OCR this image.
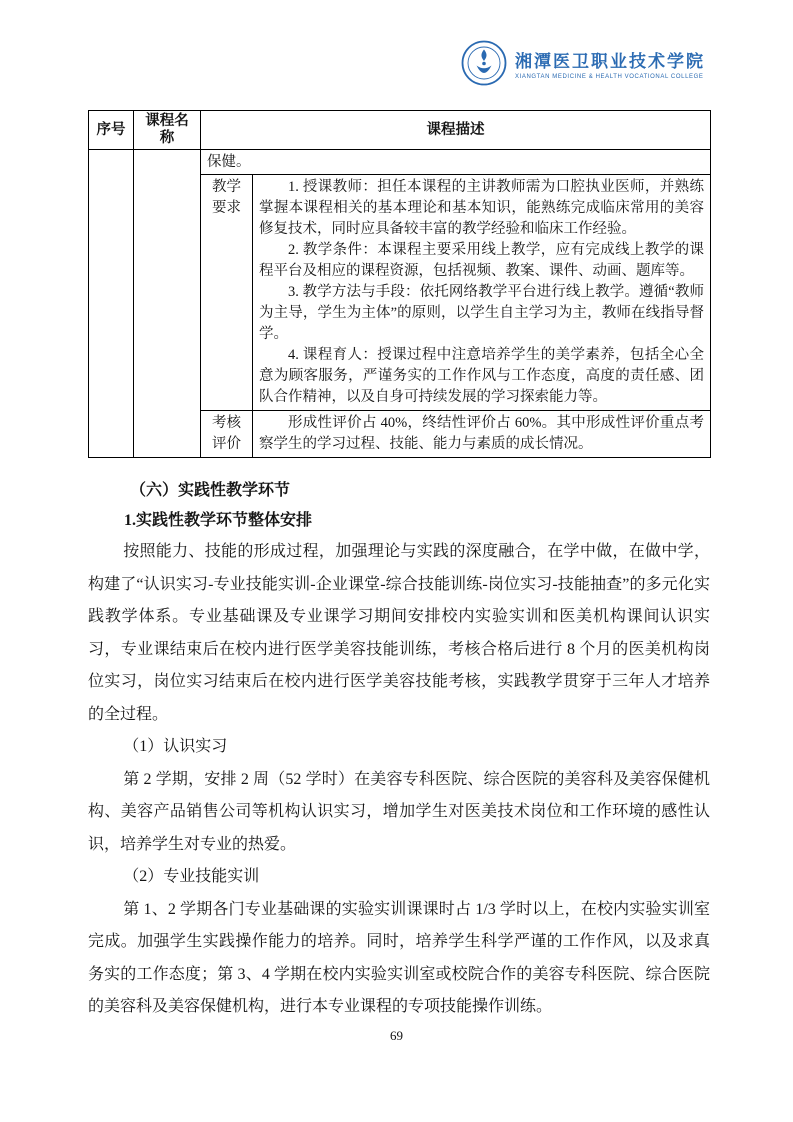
湘潭医卫职业技术学院
XIANGTAN MEDICINE & HEALTH VOCATIONAL COLLEGE
序号	课程名称	课程描述	
		保健。	
		教学要求	1. 授课教师：担任本课程的主讲教师需为口腔执业医师，并熟练掌握本课程相关的基本理论和基本知识，能熟练完成临床常用的美容修复技术，同时应具备较丰富的教学经验和临床工作经验。

2. 教学条件：本课程主要采用线上教学，应有完成线上教学的课程平台及相应的课程资源，包括视频、教案、课件、动画、题库等。

3. 教学方法与手段：依托网络教学平台进行线上教学。遵循“教师为主导，学生为主体”的原则，以学生自主学习为主，教师在线指导督学。

4. 课程育人：授课过程中注意培养学生的美学素养，包括全心全意为顾客服务，严谨务实的工作作风与工作态度，高度的责任感、团队合作精神，以及自身可持续发展的学习探索能力等。

		考核评价	形成性评价占 40%，终结性评价占 60%。其中形成性评价重点考察学生的学习过程、技能、能力与素质的成长情况。

（六）实践性教学环节
1.实践性教学环节整体安排

按照能力、技能的形成过程，加强理论与实践的深度融合，在学中做，在做中学，构建了“认识实习-专业技能实训-企业课堂-综合技能训练-岗位实习-技能抽查”的多元化实践教学体系。专业基础课及专业课学习期间安排校内实验实训和医美机构课间认识实习，专业课结束后在校内进行医学美容技能训练，考核合格后进行 8 个月的医美机构岗位实习，岗位实习结束后在校内进行医学美容技能考核，实践教学贯穿于三年人才培养的全过程。

（1）认识实习

第 2 学期，安排 2 周（52 学时）在美容专科医院、综合医院的美容科及美容保健机构、美容产品销售公司等机构认识实习，增加学生对医美技术岗位和工作环境的感性认识，培养学生对专业的热爱。

（2）专业技能实训

第 1、2 学期各门专业基础课的实验实训课课时占 1/3 学时以上，在校内实验实训室完成。加强学生实践操作能力的培养。同时，培养学生科学严谨的工作作风，以及求真务实的工作态度；第 3、4 学期在校内实验实训室或校院合作的美容专科医院、综合医院的美容科及美容保健机构，进行本专业课程的专项技能操作训练。

69
